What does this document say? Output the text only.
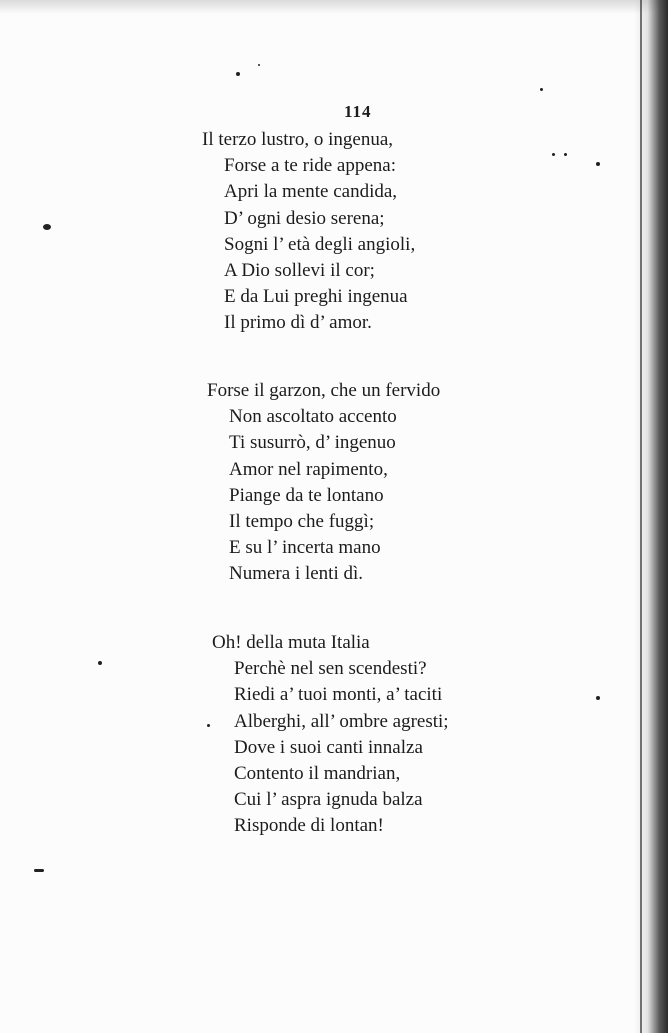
114
Il terzo lustro, o ingenua,
Forse a te ride appena:
Apri la mente candida,
D’ ogni desio serena;
Sogni l’ età degli angioli,
A Dio sollevi il cor;
E da Lui preghi ingenua
Il primo dì d’ amor.
Forse il garzon, che un fervido
Non ascoltato accento
Ti susurrò, d’ ingenuo
Amor nel rapimento,
Piange da te lontano
Il tempo che fuggì;
E su l’ incerta mano
Numera i lenti dì.
Oh! della muta Italia
Perchè nel sen scendesti?
Riedi a’ tuoi monti, a’ taciti
Alberghi, all’ ombre agresti;
Dove i suoi canti innalza
Contento il mandrian,
Cui l’ aspra ignuda balza
Risponde di lontan!
